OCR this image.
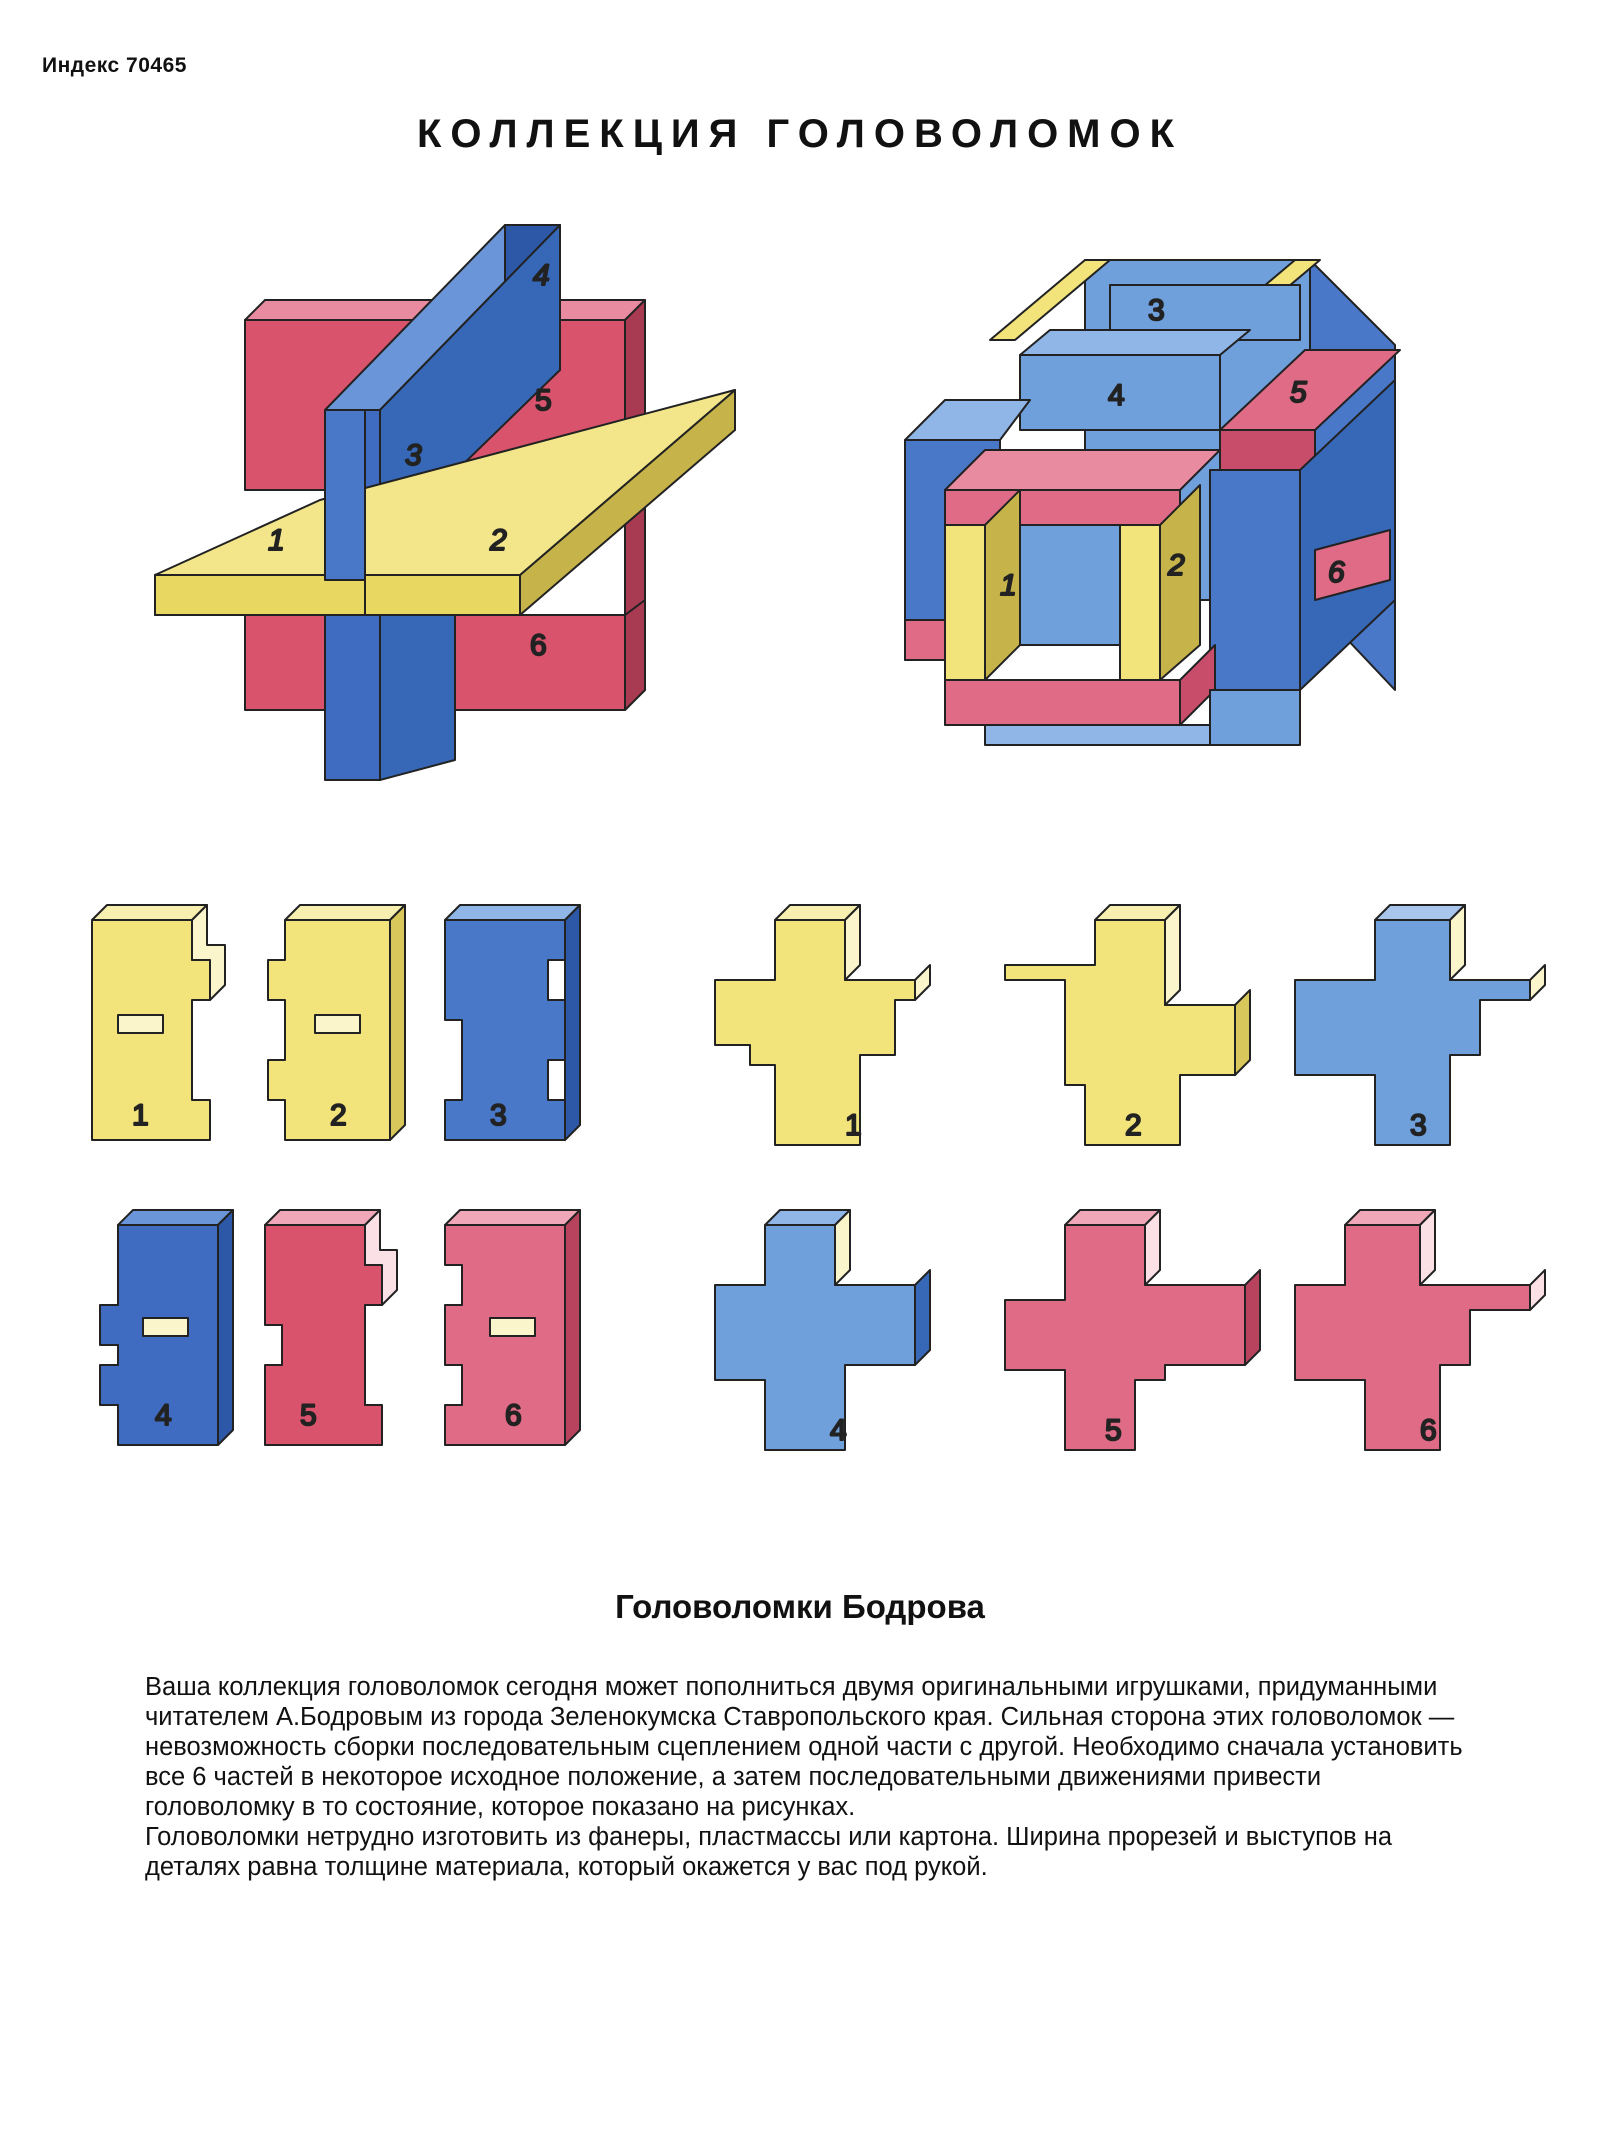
Индекс 70465
КОЛЛЕКЦИЯ ГОЛОВОЛОМОК
1	2
3
4
5
6
3
4	5
6
1
2
1	2	3
4	5	6
1	2	3
4	5	6
Головоломки Бодрова

Ваша коллекция головоломок сегодня может пополниться двумя оригинальными игрушками, придуманными читателем А.Бодровым из города Зеленокумска Ставропольского края. Сильная сторона этих головоломок — невозможность сборки последовательным сцеплением одной части с другой. Необходимо сначала установить все 6 частей в некоторое исходное положение, а затем последовательными движениями привести головоломку в то состояние, которое показано на рисунках.

Головоломки нетрудно изготовить из фанеры, пластмассы или картона. Ширина прорезей и выступов на деталях равна толщине материала, который окажется у вас под рукой.
